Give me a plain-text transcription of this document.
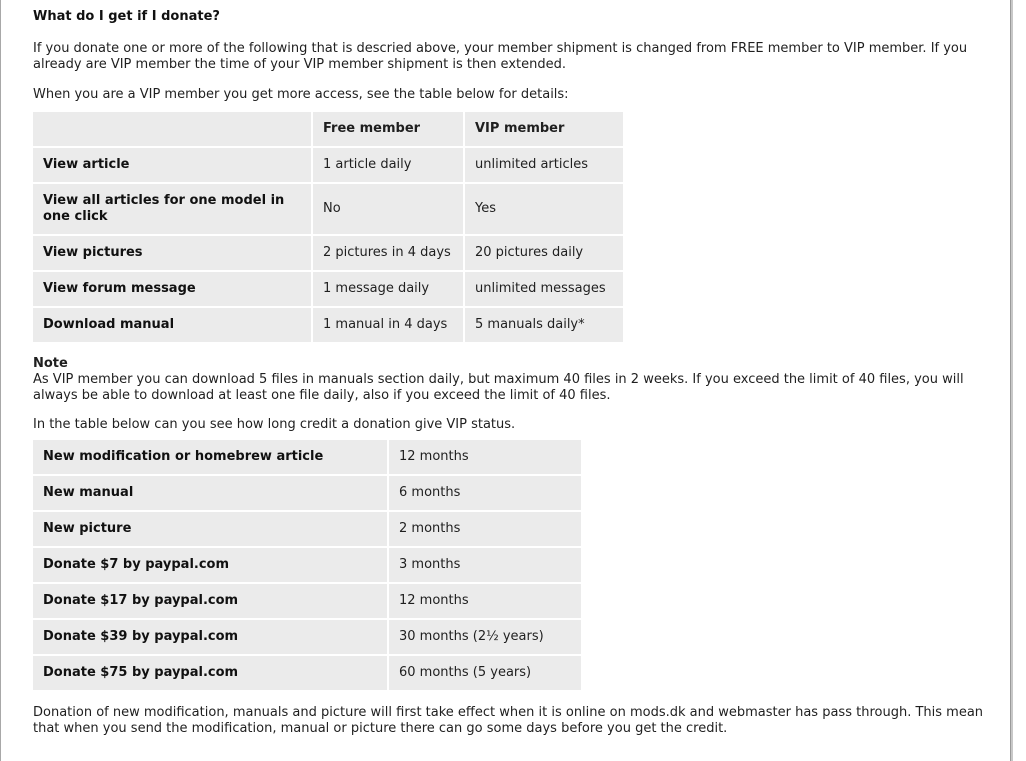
What do I get if I donate?

If you donate one or more of the following that is descried above, your member shipment is changed from FREE member to VIP member. If you already are VIP member the time of your VIP member shipment is then extended.

When you are a VIP member you get more access, see the table below for details:

	Free member	VIP member
View article	1 article daily	unlimited articles
View all articles for one model in one click	No	Yes
View pictures	2 pictures in 4 days	20 pictures daily
View forum message	1 message daily	unlimited messages
Download manual	1 manual in 4 days	5 manuals daily*

Note

As VIP member you can download 5 files in manuals section daily, but maximum 40 files in 2 weeks. If you exceed the limit of 40 files, you will always be able to download at least one file daily, also if you exceed the limit of 40 files.

In the table below can you see how long credit a donation give VIP status.

New modification or homebrew article	12 months
New manual	6 months
New picture	2 months
Donate $7 by paypal.com	3 months
Donate $17 by paypal.com	12 months
Donate $39 by paypal.com	30 months (2½ years)
Donate $75 by paypal.com	60 months (5 years)

Donation of new modification, manuals and picture will first take effect when it is online on mods.dk and webmaster has pass through. This mean that when you send the modification, manual or picture there can go some days before you get the credit.
